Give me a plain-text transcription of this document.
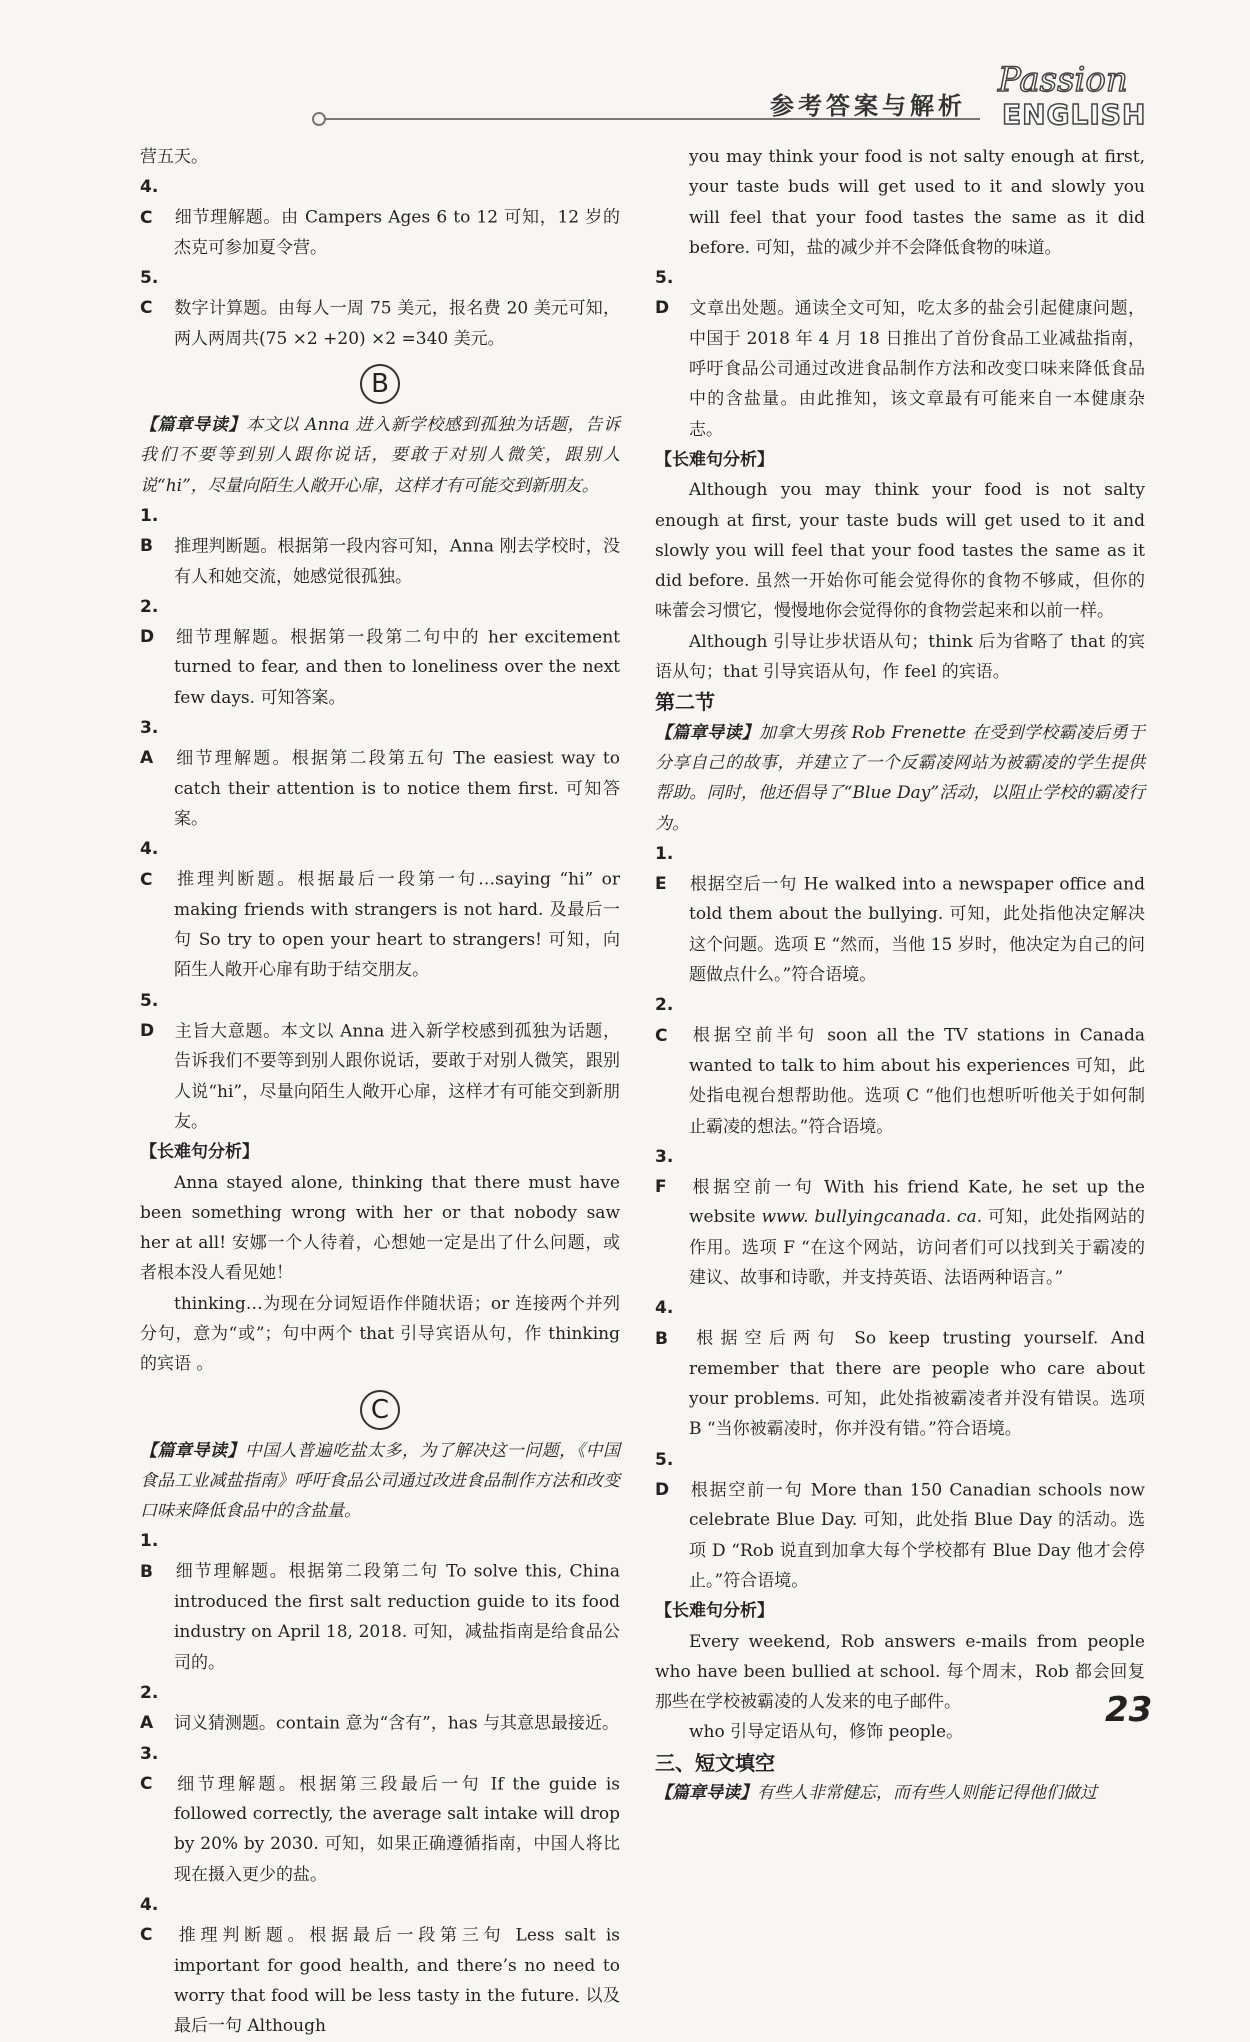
参考答案与解析
Passion
ENGLISH

营五天。

4. C 细节理解题。由 Campers Ages 6 to 12 可知，12 岁的杰克可参加夏令营。

5. C 数字计算题。由每人一周 75 美元，报名费 20 美元可知，两人两周共(75 ×2 +20) ×2 =340 美元。

B

【篇章导读】本文以 Anna 进入新学校感到孤独为话题，告诉我们不要等到别人跟你说话，要敢于对别人微笑，跟别人说“hi”，尽量向陌生人敞开心扉，这样才有可能交到新朋友。

1. B 推理判断题。根据第一段内容可知，Anna 刚去学校时，没有人和她交流，她感觉很孤独。

2. D 细节理解题。根据第一段第二句中的 her excitement turned to fear, and then to loneliness over the next few days. 可知答案。

3. A 细节理解题。根据第二段第五句 The easiest way to catch their attention is to notice them first. 可知答案。

4. C 推理判断题。根据最后一段第一句…saying “hi” or making friends with strangers is not hard. 及最后一句 So try to open your heart to strangers! 可知，向陌生人敞开心扉有助于结交朋友。

5. D 主旨大意题。本文以 Anna 进入新学校感到孤独为话题，告诉我们不要等到别人跟你说话，要敢于对别人微笑，跟别人说“hi”，尽量向陌生人敞开心扉，这样才有可能交到新朋友。

【长难句分析】

Anna stayed alone, thinking that there must have been something wrong with her or that nobody saw her at all! 安娜一个人待着，心想她一定是出了什么问题，或者根本没人看见她！

thinking…为现在分词短语作伴随状语；or 连接两个并列分句，意为“或”；句中两个 that 引导宾语从句，作 thinking 的宾语 。

C

【篇章导读】中国人普遍吃盐太多，为了解决这一问题，《中国食品工业减盐指南》呼吁食品公司通过改进食品制作方法和改变口味来降低食品中的含盐量。

1. B 细节理解题。根据第二段第二句 To solve this, China introduced the first salt reduction guide to its food industry on April 18, 2018. 可知，减盐指南是给食品公司的。

2. A 词义猜测题。contain 意为“含有”，has 与其意思最接近。

3. C 细节理解题。根据第三段最后一句 If the guide is followed correctly, the average salt intake will drop by 20% by 2030. 可知，如果正确遵循指南，中国人将比现在摄入更少的盐。

4. C 推理判断题。根据最后一段第三句 Less salt is important for good health, and there’s no need to worry that food will be less tasty in the future. 以及最后一句 Although

you may think your food is not salty enough at first, your taste buds will get used to it and slowly you will feel that your food tastes the same as it did before. 可知，盐的减少并不会降低食物的味道。

5. D 文章出处题。通读全文可知，吃太多的盐会引起健康问题，中国于 2018 年 4 月 18 日推出了首份食品工业减盐指南，呼吁食品公司通过改进食品制作方法和改变口味来降低食品中的含盐量。由此推知，该文章最有可能来自一本健康杂志。

【长难句分析】

Although you may think your food is not salty enough at first, your taste buds will get used to it and slowly you will feel that your food tastes the same as it did before. 虽然一开始你可能会觉得你的食物不够咸，但你的味蕾会习惯它，慢慢地你会觉得你的食物尝起来和以前一样。

Although 引导让步状语从句；think 后为省略了 that 的宾语从句；that 引导宾语从句，作 feel 的宾语。

第二节

【篇章导读】加拿大男孩 Rob Frenette 在受到学校霸凌后勇于分享自己的故事，并建立了一个反霸凌网站为被霸凌的学生提供帮助。同时，他还倡导了“Blue Day”活动，以阻止学校的霸凌行为。

1. E 根据空后一句 He walked into a newspaper office and told them about the bullying. 可知，此处指他决定解决这个问题。选项 E “然而，当他 15 岁时，他决定为自己的问题做点什么。”符合语境。

2. C 根据空前半句 soon all the TV stations in Canada wanted to talk to him about his experiences 可知，此处指电视台想帮助他。选项 C “他们也想听听他关于如何制止霸凌的想法。”符合语境。

3. F 根据空前一句 With his friend Kate, he set up the website www. bullyingcanada. ca. 可知，此处指网站的作用。选项 F “在这个网站，访问者们可以找到关于霸凌的建议、故事和诗歌，并支持英语、法语两种语言。”

4. B 根据空后两句 So keep trusting yourself. And remember that there are people who care about your problems. 可知，此处指被霸凌者并没有错误。选项 B “当你被霸凌时，你并没有错。”符合语境。

5. D 根据空前一句 More than 150 Canadian schools now celebrate Blue Day. 可知，此处指 Blue Day 的活动。选项 D “Rob 说直到加拿大每个学校都有 Blue Day 他才会停止。”符合语境。

【长难句分析】

Every weekend, Rob answers e-mails from people who have been bullied at school. 每个周末，Rob 都会回复那些在学校被霸凌的人发来的电子邮件。

who 引导定语从句，修饰 people。

三、短文填空

【篇章导读】有些人非常健忘，而有些人则能记得他们做过

23
